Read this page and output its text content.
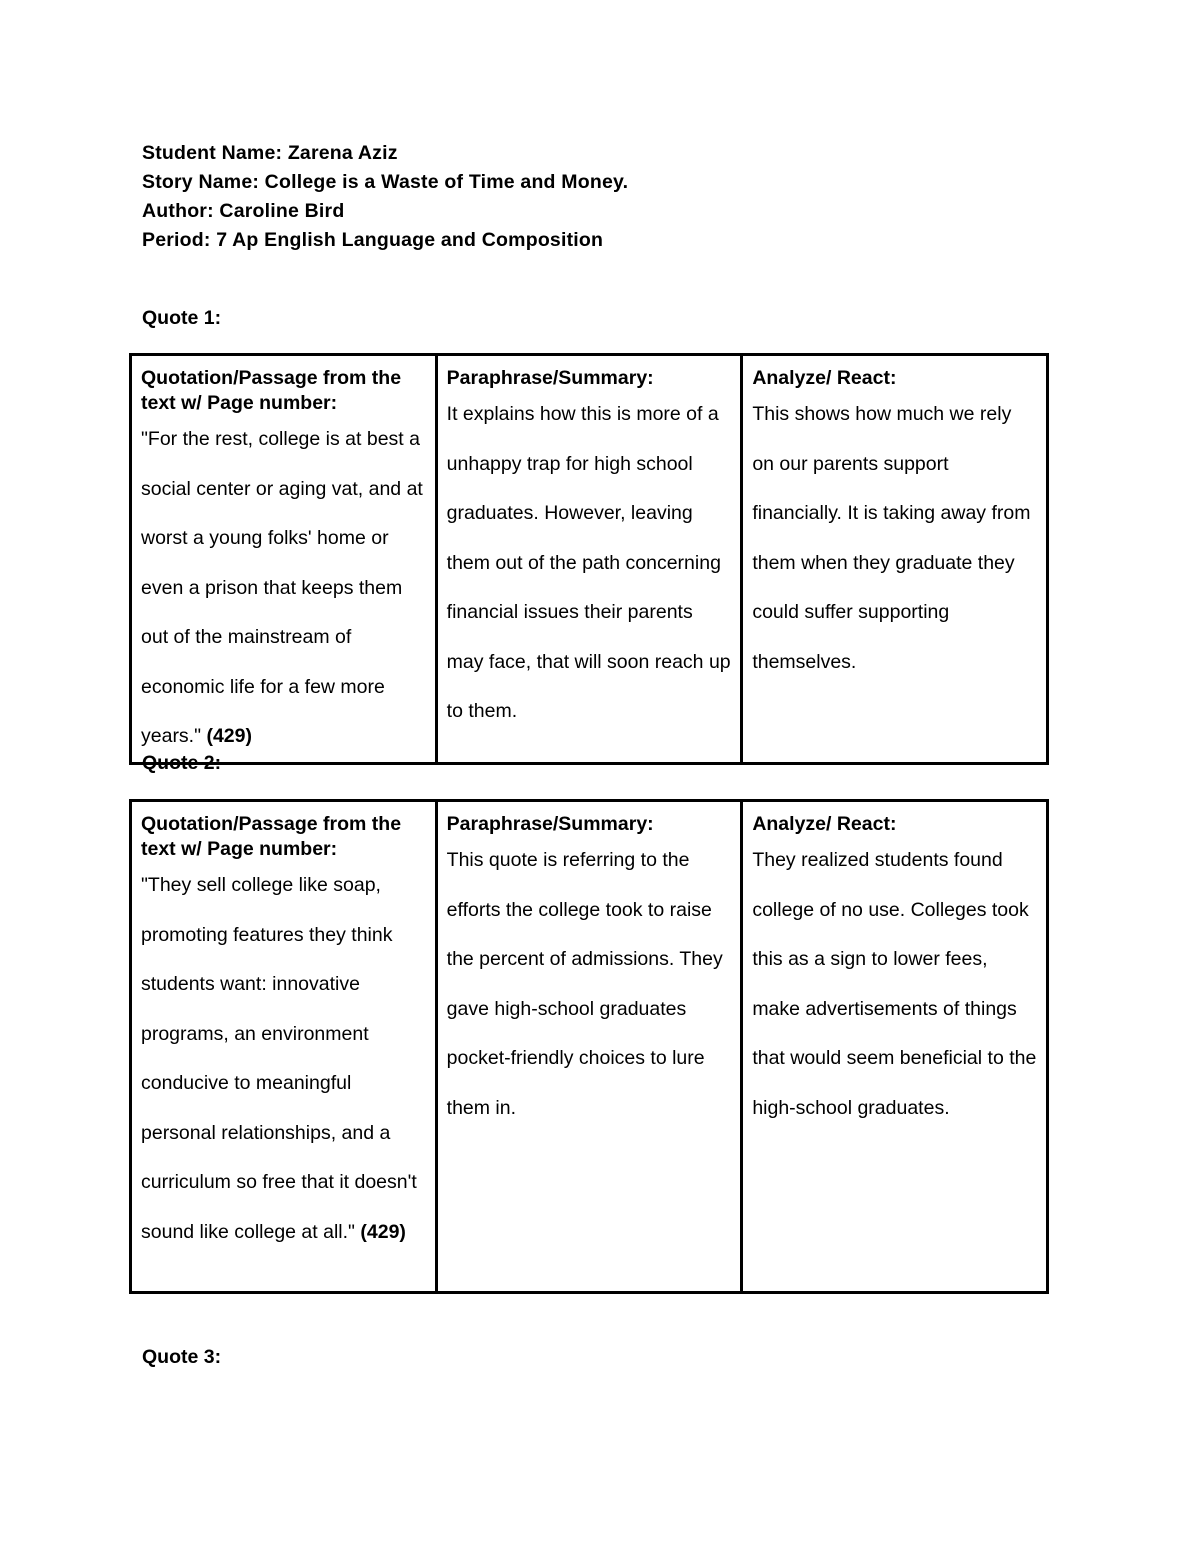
Student Name: Zarena Aziz
Story Name: College is a Waste of Time and Money.
Author: Caroline Bird
Period: 7 Ap English Language and Composition
Quote 1:
Quotation/Passage from the text w/ Page number:
"For the rest, college is at best a social center or aging vat, and at worst a young folks' home or even a prison that keeps them out of the mainstream of economic life for a few more years." (429)

Paraphrase/Summary:
It explains how this is more of a unhappy trap for high school graduates. However, leaving them out of the path concerning financial issues their parents may face, that will soon reach up to them.

Analyze/ React:
This shows how much we rely on our parents support financially. It is taking away from them when they graduate they could suffer supporting themselves.
Quote 2:
Quotation/Passage from the text w/ Page number:
"They sell college like soap, promoting features they think students want: innovative programs, an environment conducive to meaningful personal relationships, and a curriculum so free that it doesn't sound like college at all." (429)

Paraphrase/Summary:
This quote is referring to the efforts the college took to raise the percent of admissions. They gave high-school graduates pocket-friendly choices to lure them in.

Analyze/ React:
They realized students found college of no use. Colleges took this as a sign to lower fees, make advertisements of things that would seem beneficial to the high-school graduates.
Quote 3:
